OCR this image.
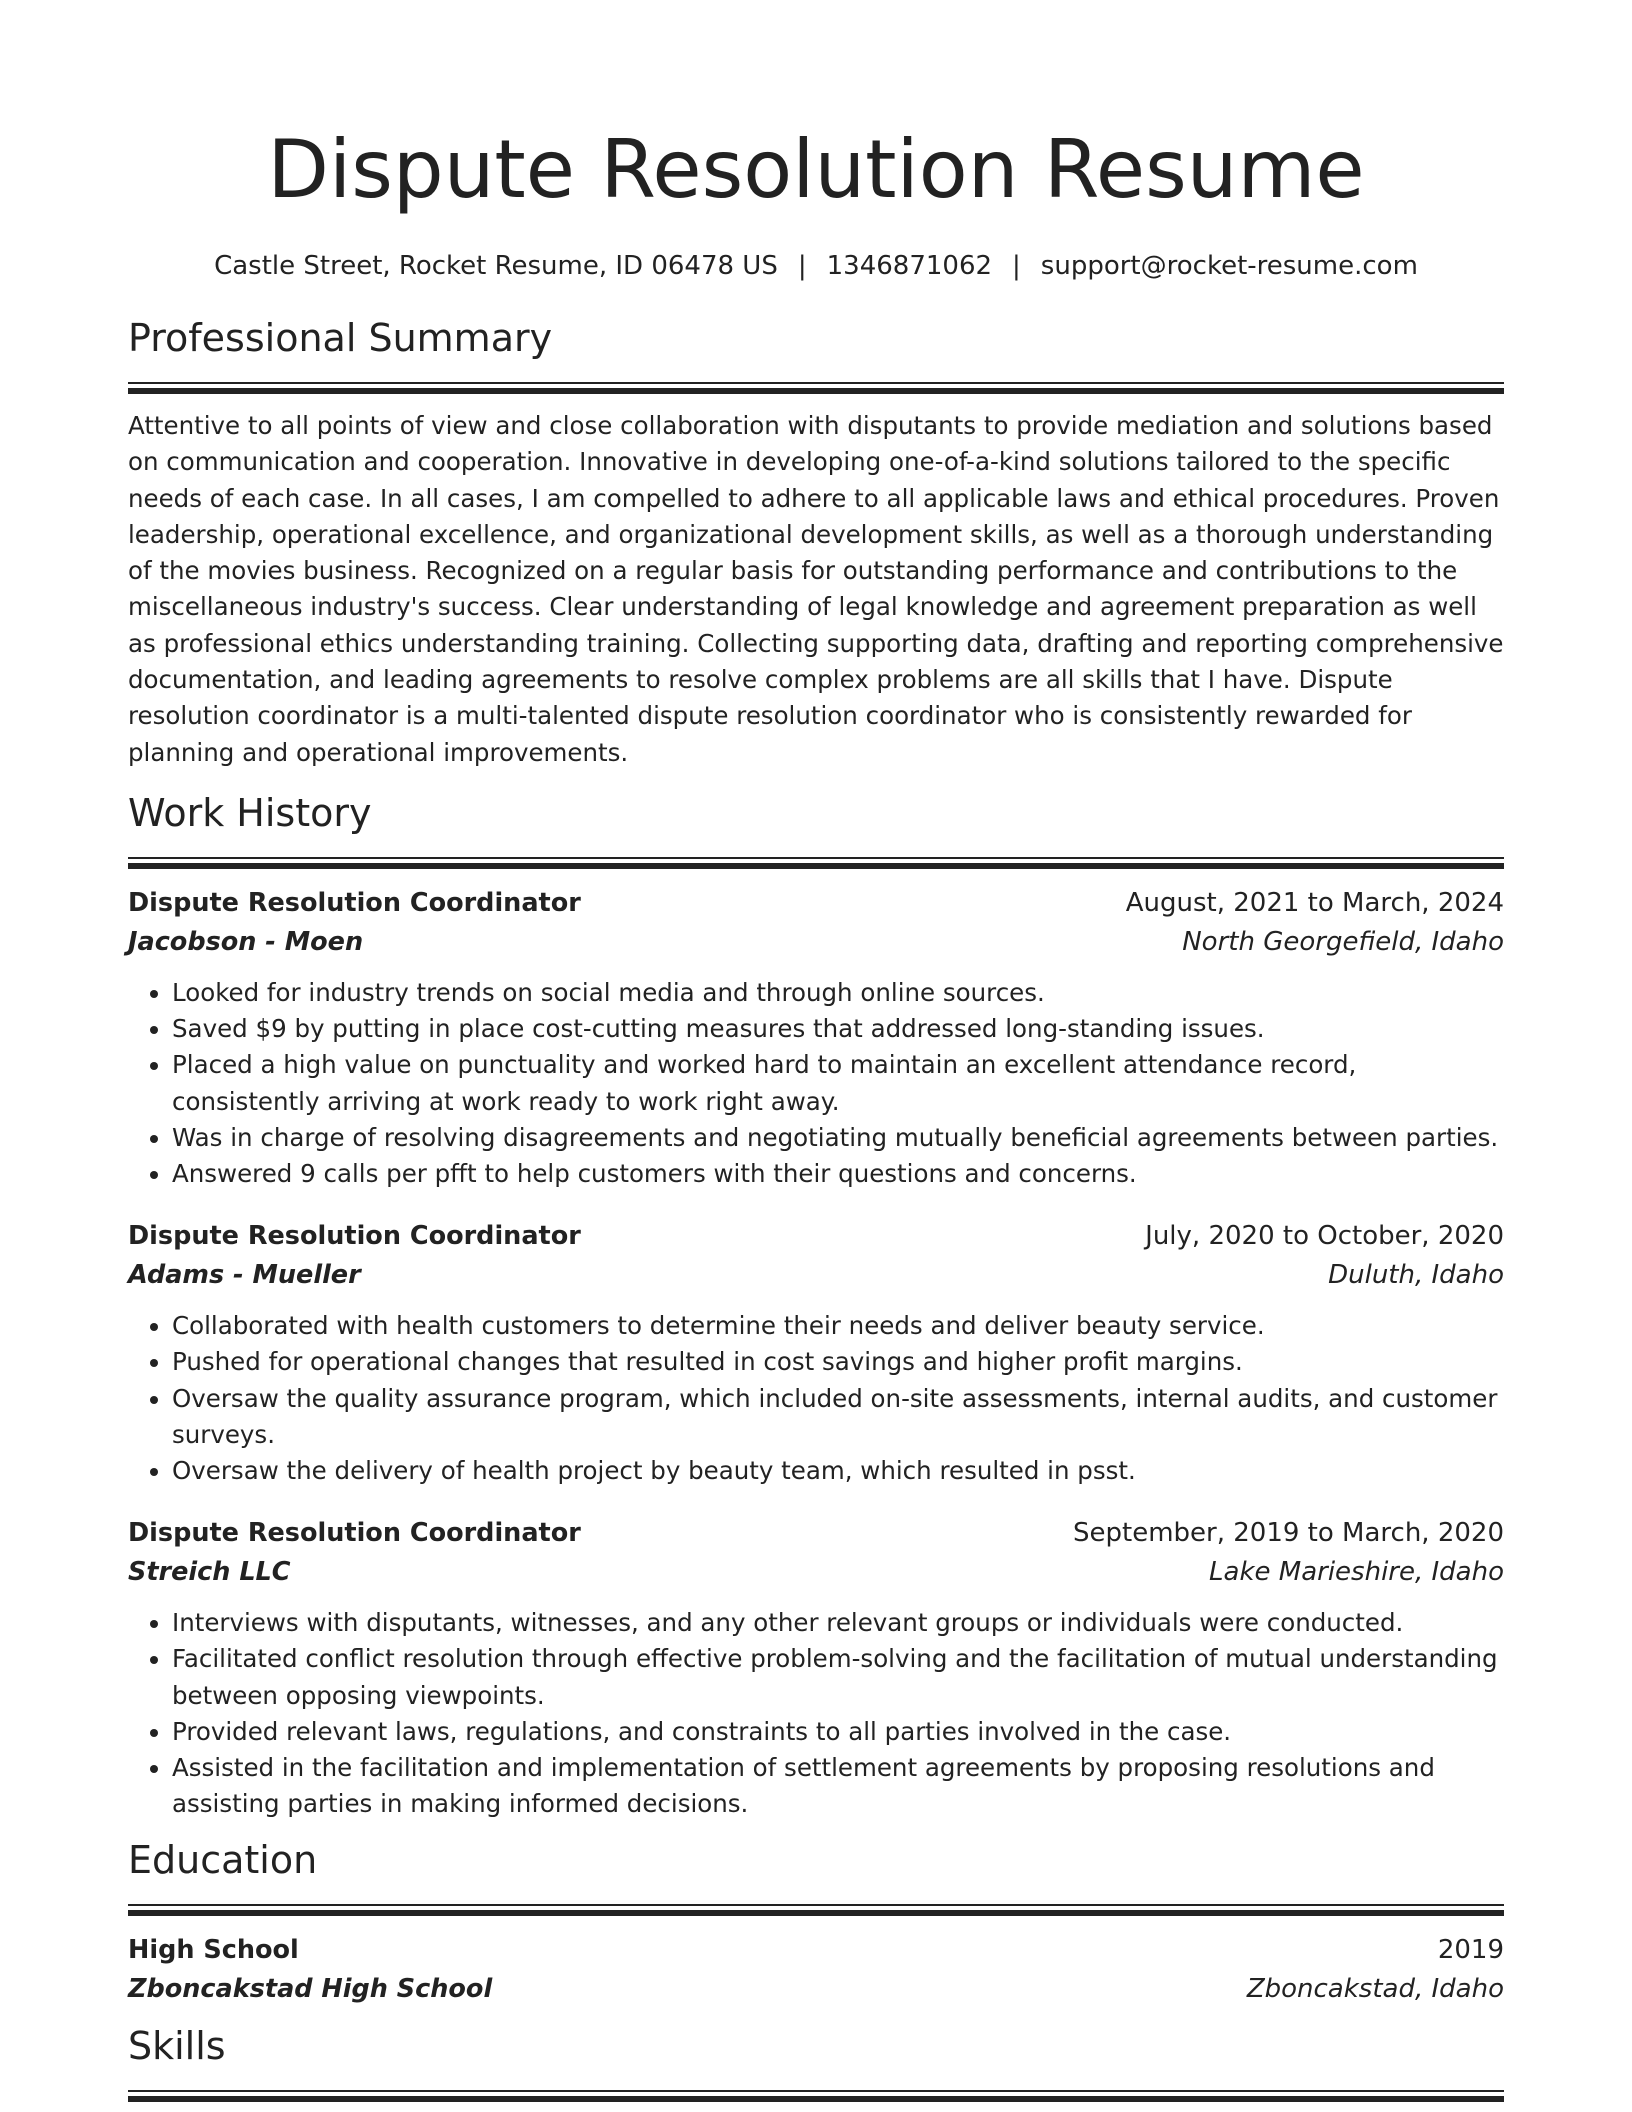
Dispute Resolution Resume
Castle Street, Rocket Resume, ID 06478 US | 1346871062 | support@rocket-resume.com
Professional Summary
Attentive to all points of view and close collaboration with disputants to provide mediation and solutions based on communication and cooperation. Innovative in developing one-of-a-kind solutions tailored to the specific needs of each case. In all cases, I am compelled to adhere to all applicable laws and ethical procedures. Proven leadership, operational excellence, and organizational development skills, as well as a thorough understanding of the movies business. Recognized on a regular basis for outstanding performance and contributions to the miscellaneous industry's success. Clear understanding of legal knowledge and agreement preparation as well as professional ethics understanding training. Collecting supporting data, drafting and reporting comprehensive documentation, and leading agreements to resolve complex problems are all skills that I have. Dispute resolution coordinator is a multi-talented dispute resolution coordinator who is consistently rewarded for planning and operational improvements.
Work History
Dispute Resolution Coordinator	August, 2021 to March, 2024
Jacobson - Moen	North Georgefield, Idaho
• Looked for industry trends on social media and through online sources.
• Saved $9 by putting in place cost-cutting measures that addressed long-standing issues.
• Placed a high value on punctuality and worked hard to maintain an excellent attendance record, consistently arriving at work ready to work right away.
• Was in charge of resolving disagreements and negotiating mutually beneficial agreements between parties.
• Answered 9 calls per pfft to help customers with their questions and concerns.
Dispute Resolution Coordinator	July, 2020 to October, 2020
Adams - Mueller	Duluth, Idaho
• Collaborated with health customers to determine their needs and deliver beauty service.
• Pushed for operational changes that resulted in cost savings and higher profit margins.
• Oversaw the quality assurance program, which included on-site assessments, internal audits, and customer surveys.
• Oversaw the delivery of health project by beauty team, which resulted in psst.
Dispute Resolution Coordinator	September, 2019 to March, 2020
Streich LLC	Lake Marieshire, Idaho
• Interviews with disputants, witnesses, and any other relevant groups or individuals were conducted.
• Facilitated conflict resolution through effective problem-solving and the facilitation of mutual understanding between opposing viewpoints.
• Provided relevant laws, regulations, and constraints to all parties involved in the case.
• Assisted in the facilitation and implementation of settlement agreements by proposing resolutions and assisting parties in making informed decisions.
Education
High School	2019
Zboncakstad High School	Zboncakstad, Idaho
Skills
